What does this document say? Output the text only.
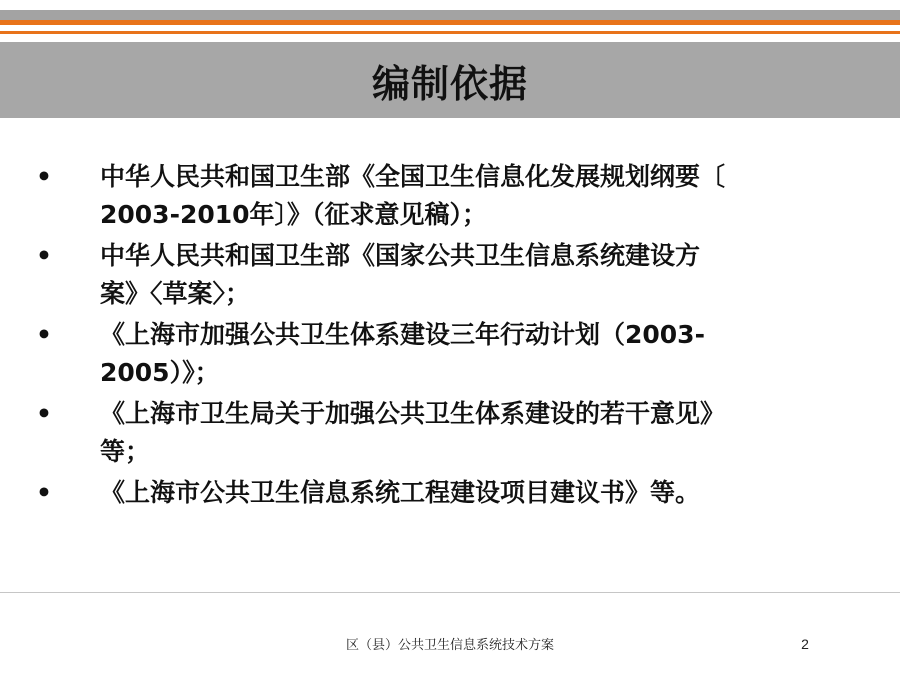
编制依据
• 中华人民共和国卫生部《全国卫生信息化发展规划纲要〔
2003-2010年〕》（征求意见稿）；
• 中华人民共和国卫生部《国家公共卫生信息系统建设方
案》〈草案〉；
• 《上海市加强公共卫生体系建设三年行动计划（2003-
2005）》；
• 《上海市卫生局关于加强公共卫生体系建设的若干意见》
等；
• 《上海市公共卫生信息系统工程建设项目建议书》等。
区（县）公共卫生信息系统技术方案	2
